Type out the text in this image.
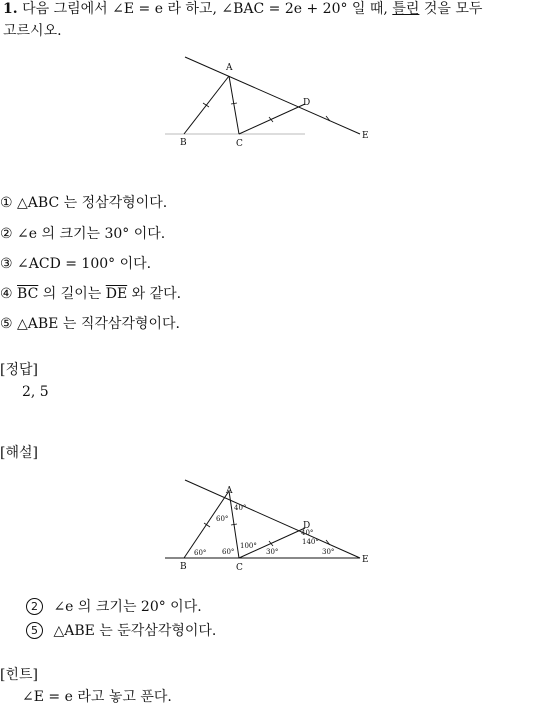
1. 다음 그림에서 ∠E = e 라 하고, ∠BAC = 2e + 20° 일 때, 틀린 것을 모두
고르시오.
A
B	C
D
E
① △ABC 는 정삼각형이다.
② ∠e 의 크기는 30° 이다.
③ ∠ACD = 100° 이다.
④ $\overline{BC}$ 의 길이는 $\overline{DE}$ 와 같다.
⑤ △ABE 는 직각삼각형이다.
[정답]
2, 5
[해설]
A
B	C
D
E
60°
40°
60° 60°
100°
30°
40°
140°
30°
2 ∠e 의 크기는 20° 이다.
5 △ABE 는 둔각삼각형이다.
[힌트]
∠E = e 라고 놓고 푼다.
